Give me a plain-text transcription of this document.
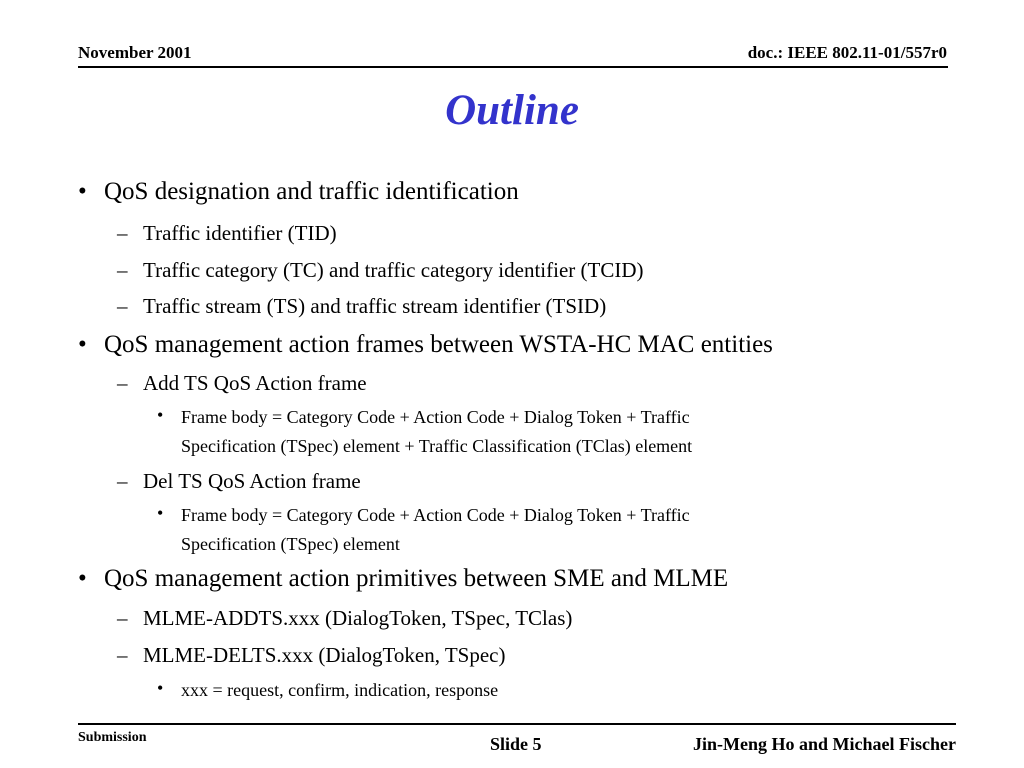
November 2001	doc.: IEEE 802.11-01/557r0
Outline
• QoS designation and traffic identification
– Traffic identifier (TID)
– Traffic category (TC) and traffic category identifier (TCID)
– Traffic stream (TS) and traffic stream identifier (TSID)
• QoS management action frames between WSTA-HC MAC entities
– Add TS QoS Action frame
• Frame body = Category Code + Action Code + Dialog Token + Traffic
Specification (TSpec) element + Traffic Classification (TClas) element
– Del TS QoS Action frame
• Frame body = Category Code + Action Code + Dialog Token + Traffic
Specification (TSpec) element
• QoS management action primitives between SME and MLME
– MLME-ADDTS.xxx (DialogToken, TSpec, TClas)
– MLME-DELTS.xxx (DialogToken, TSpec)
• xxx = request, confirm, indication, response
Submission	Slide 5	Jin-Meng Ho and Michael Fischer
